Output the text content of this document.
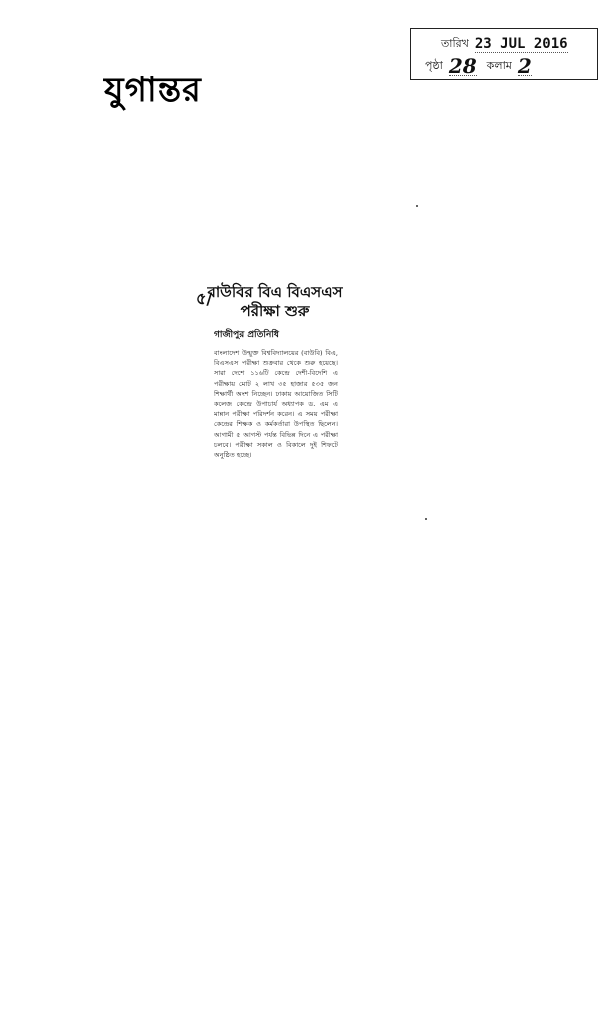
যুগান্তর
তারিখ 23 JUL 2016
পৃষ্ঠা 28 কলাম 2
৫/
বাউবির বিএ বিএসএস
পরীক্ষা শুরু
গাজীপুর প্রতিনিধি
বাংলাদেশ উন্মুক্ত বিশ্ববিদ্যালয়ের (বাউবি) বিএ, বিএসএস পরীক্ষা শুক্রবার থেকে শুরু হয়েছে। সারা দেশে ১১৬টি কেন্দ্রে দেশী-বিদেশি এ পরীক্ষায় মোট ২ লাখ ৩৫ হাজার ৫৩৫ জন শিক্ষার্থী অংশ নিচ্ছেন। ঢাকায় আয়োজিত সিটি কলেজ কেন্দ্রে উপাচার্য অধ্যাপক ড. এম এ মান্নান পরীক্ষা পরিদর্শন করেন। এ সময় পরীক্ষা কেন্দ্রের শিক্ষক ও কর্মকর্তারা উপস্থিত ছিলেন। আগামী ৫ আগস্ট পর্যন্ত বিভিন্ন দিনে এ পরীক্ষা চলবে। পরীক্ষা সকাল ও বিকালে দুই শিফটে অনুষ্ঠিত হচ্ছে।
